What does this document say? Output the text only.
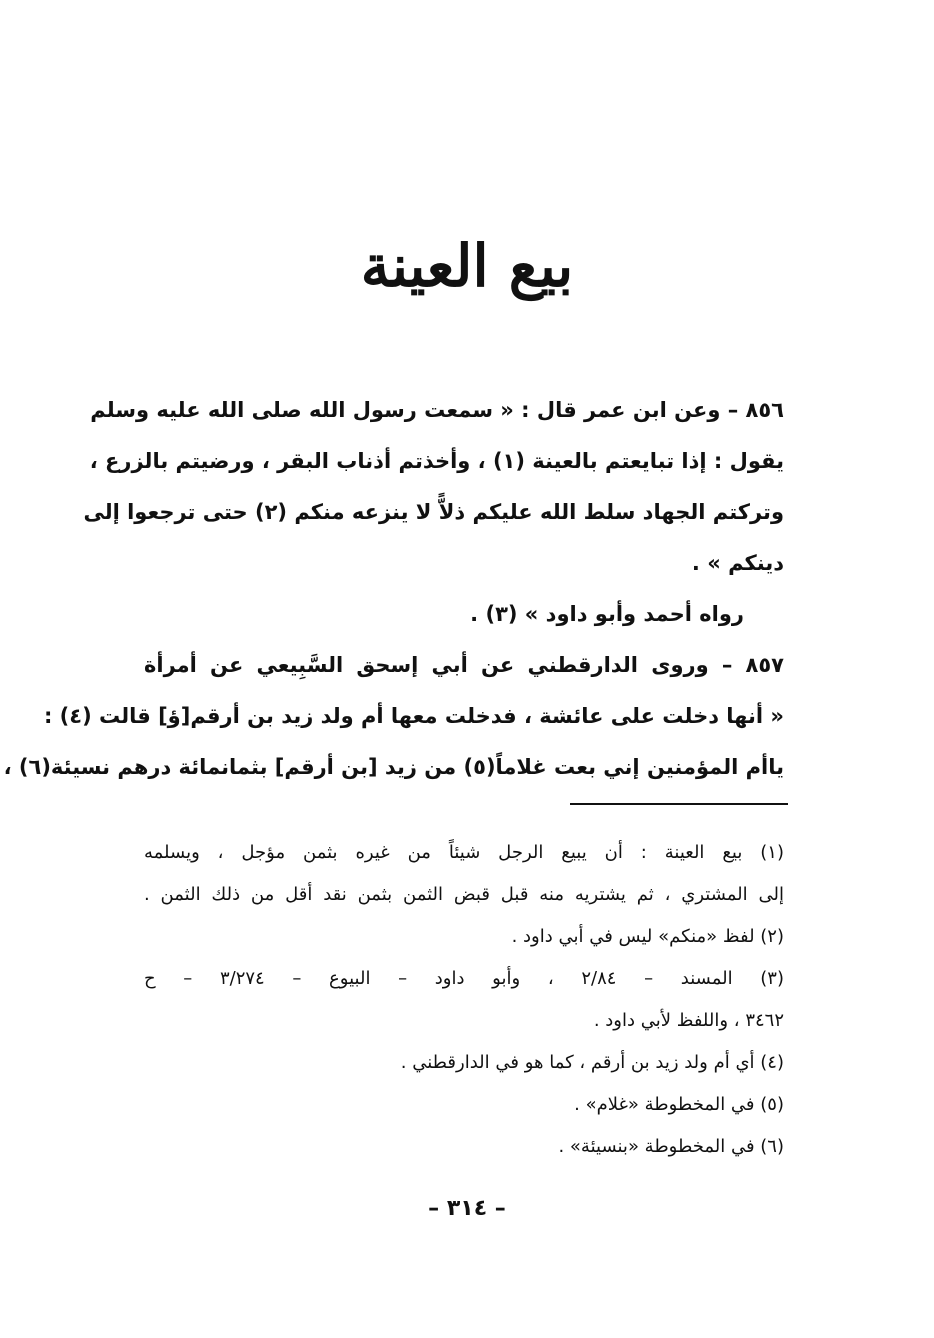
بيع العينة

٨٥٦ – وعن ابن عمر قال : « سمعت رسول الله صلى الله عليه وسلم
يقول : إذا تبايعتم بالعينة (١) ، وأخذتم أذناب البقر ، ورضيتم بالزرع ،
وتركتم الجهاد سلط الله عليكم ذلاًّ لا ينزعه منكم (٢) حتى ترجعوا إلى
دينكم » .

رواه أحمد وأبو داود » (٣) .

٨٥٧ – وروى الدارقطني عن أبي إسحق السَّبِيعي عن أمرأة
« أنها دخلت على عائشة ، فدخلت معها أم ولد زيد بن أرقم[ؤ] قالت (٤) :
ياأم المؤمنين إني بعت غلاماً(٥) من زيد [بن أرقم] بثمانمائة درهم نسيئة(٦) ،

(١) بيع العينة : أن يبيع الرجل شيئاً من غيره بثمن مؤجل ، ويسلمه
إلى المشتري ، ثم يشتريه منه قبل قبض الثمن بثمن نقد أقل من ذلك الثمن .
(٢) لفظ «منكم» ليس في أبي داود .
(٣) المسند – ٢/٨٤ ، وأبو داود – البيوع – ٣/٢٧٤ – ح
٣٤٦٢ ، واللفظ لأبي داود .
(٤) أي أم ولد زيد بن أرقم ، كما هو في الدارقطني .
(٥) في المخطوطة «غلام» .
(٦) في المخطوطة «بنسيئة» .
– ٣١٤ –
